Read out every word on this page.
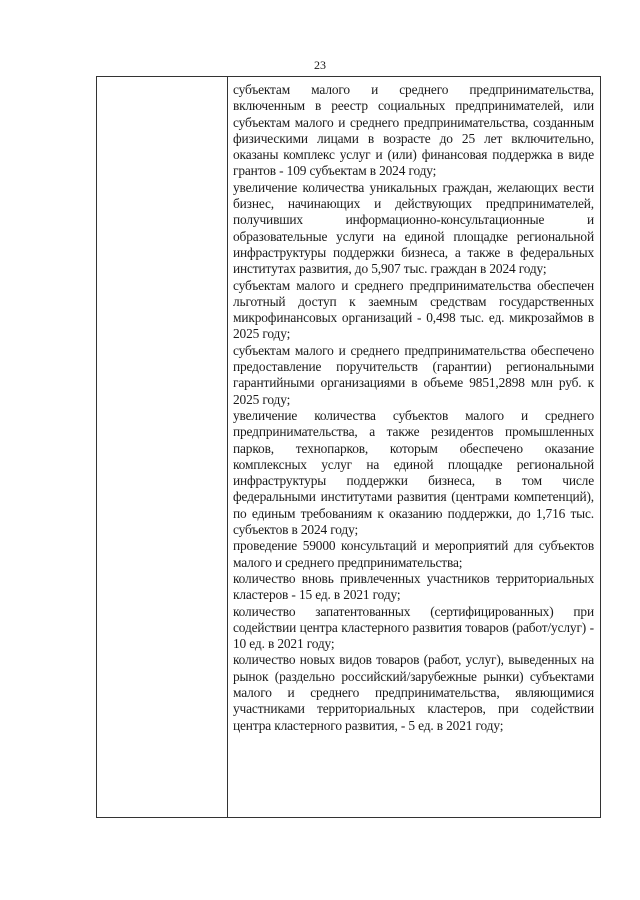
23

субъектам малого и среднего предпринимательства, включенным в реестр социальных предпринимателей, или субъектам малого и среднего предпринимательства, созданным физическими лицами в возрасте до 25 лет включительно, оказаны комплекс услуг и (или) финансовая поддержка в виде грантов - 109 субъектам в 2024 году;

увеличение количества уникальных граждан, желающих вести бизнес, начинающих и действующих предпринимателей, получивших информационно-консультационные и образовательные услуги на единой площадке региональной инфраструктуры поддержки бизнеса, а также в федеральных институтах развития, до 5,907 тыс. граждан в 2024 году;

субъектам малого и среднего предпринимательства обеспечен льготный доступ к заемным средствам государственных микрофинансовых организаций - 0,498 тыс. ед. микрозаймов в 2025 году;

субъектам малого и среднего предпринимательства обеспечено предоставление поручительств (гарантии) региональными гарантийными организациями в объеме 9851,2898 млн руб. к 2025 году;

увеличение количества субъектов малого и среднего предпринимательства, а также резидентов промышленных парков, технопарков, которым обеспечено оказание комплексных услуг на единой площадке региональной инфраструктуры поддержки бизнеса, в том числе федеральными институтами развития (центрами компетенций), по единым требованиям к оказанию поддержки, до 1,716 тыс. субъектов в 2024 году;

проведение 59000 консультаций и мероприятий для субъектов малого и среднего предпринимательства;

количество вновь привлеченных участников территориальных кластеров - 15 ед. в 2021 году;

количество запатентованных (сертифицированных) при содействии центра кластерного развития товаров (работ/услуг) - 10 ед. в 2021 году;

количество новых видов товаров (работ, услуг), выведенных на рынок (раздельно российский/зарубежные рынки) субъектами малого и среднего предпринимательства, являющимися участниками территориальных кластеров, при содействии центра кластерного развития, - 5 ед. в 2021 году;
